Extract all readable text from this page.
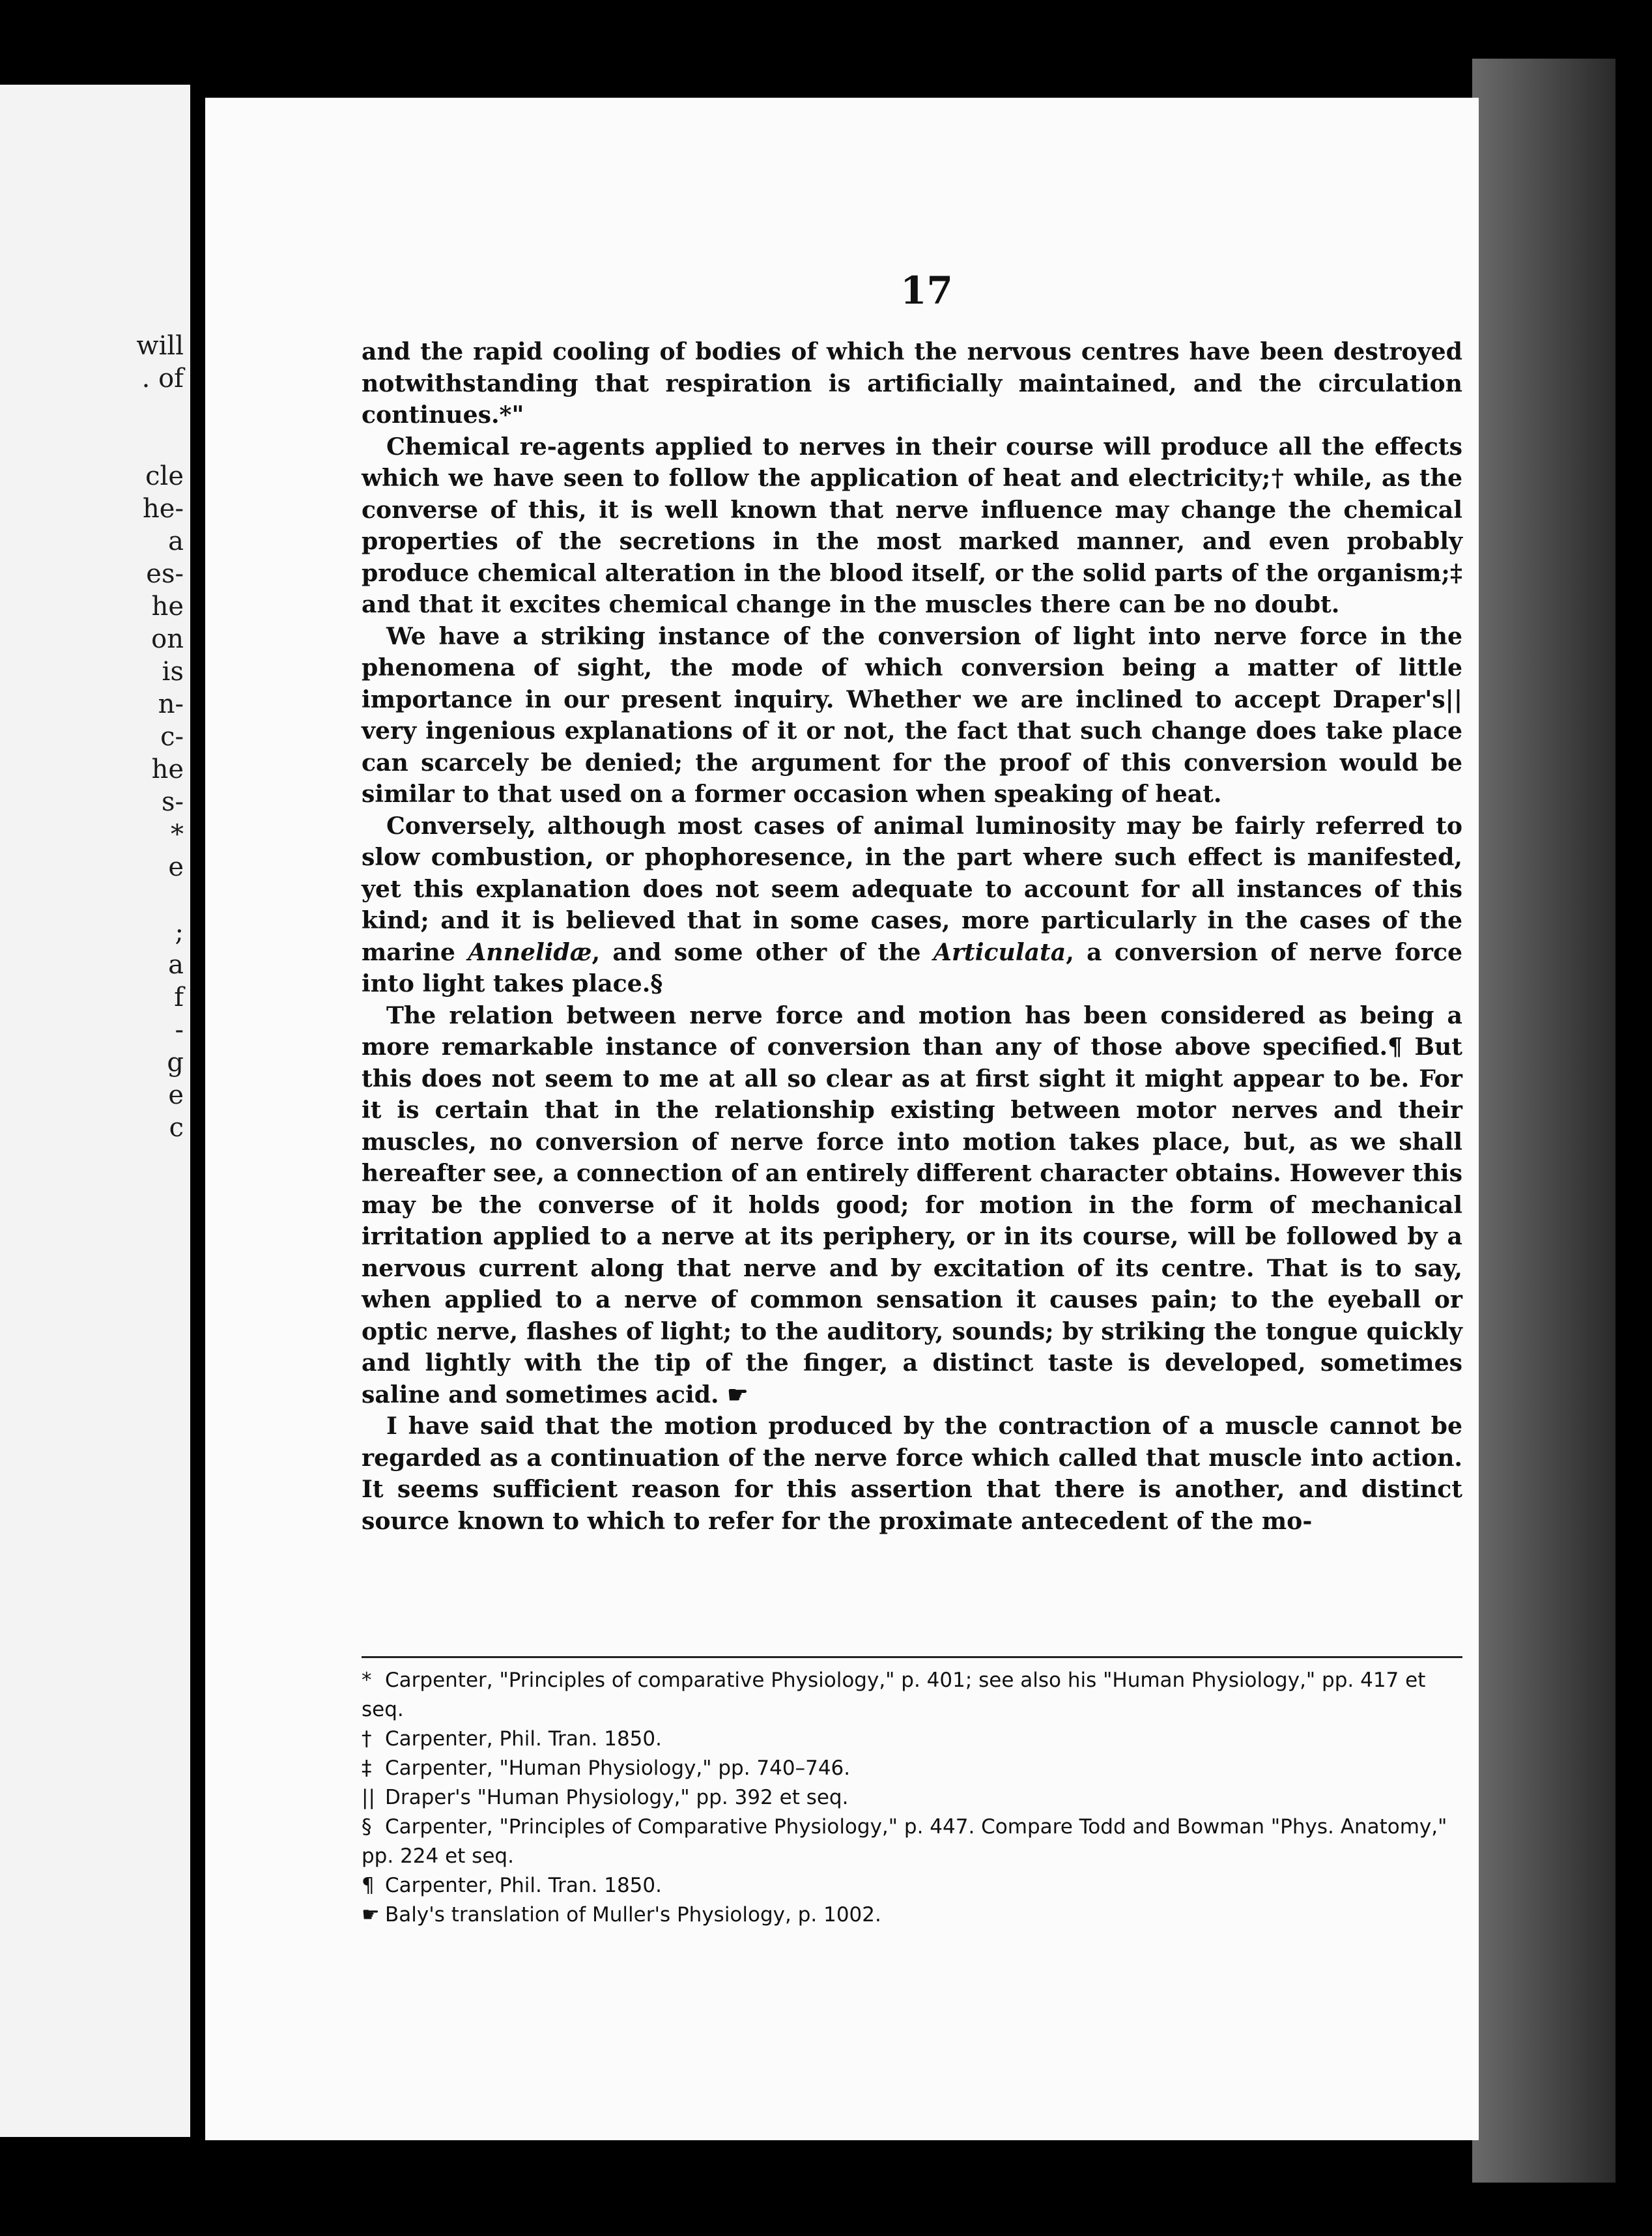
will
. of
cle
he-
a
es-
he
on
is
n-
c-
he
s-
*
e
;
a
f
-
g
e
c
17

and the rapid cooling of bodies of which the nervous centres have been destroyed notwithstanding that respiration is artificially maintained, and the circulation continues.*"

Chemical re-agents applied to nerves in their course will produce all the effects which we have seen to follow the application of heat and electricity;† while, as the converse of this, it is well known that nerve influence may change the chemical properties of the secretions in the most marked manner, and even probably produce chemical alteration in the blood itself, or the solid parts of the organism;‡ and that it excites chemical change in the muscles there can be no doubt.

We have a striking instance of the conversion of light into nerve force in the phenomena of sight, the mode of which conversion being a matter of little importance in our present inquiry. Whether we are inclined to accept Draper's|| very ingenious explanations of it or not, the fact that such change does take place can scarcely be denied; the argument for the proof of this conversion would be similar to that used on a former occasion when speaking of heat.

Conversely, although most cases of animal luminosity may be fairly referred to slow combustion, or phophoresence, in the part where such effect is manifested, yet this explanation does not seem adequate to account for all instances of this kind; and it is believed that in some cases, more particularly in the cases of the marine Annelidæ, and some other of the Articulata, a conversion of nerve force into light takes place.§

The relation between nerve force and motion has been considered as being a more remarkable instance of conversion than any of those above specified.¶ But this does not seem to me at all so clear as at first sight it might appear to be. For it is certain that in the relationship existing between motor nerves and their muscles, no conversion of nerve force into motion takes place, but, as we shall hereafter see, a connection of an entirely different character obtains. However this may be the converse of it holds good; for motion in the form of mechanical irritation applied to a nerve at its periphery, or in its course, will be followed by a nervous current along that nerve and by excitation of its centre. That is to say, when applied to a nerve of common sensation it causes pain; to the eyeball or optic nerve, flashes of light; to the auditory, sounds; by striking the tongue quickly and lightly with the tip of the finger, a distinct taste is developed, sometimes saline and sometimes acid. ☛

I have said that the motion produced by the contraction of a muscle cannot be regarded as a continuation of the nerve force which called that muscle into action. It seems sufficient reason for this assertion that there is another, and distinct source known to which to refer for the proximate antecedent of the mo-

* Carpenter, "Principles of comparative Physiology," p. 401; see also his "Human Physiology," pp. 417 et seq.
† Carpenter, Phil. Tran. 1850.
‡ Carpenter, "Human Physiology," pp. 740–746.
|| Draper's "Human Physiology," pp. 392 et seq.
§ Carpenter, "Principles of Comparative Physiology," p. 447. Compare Todd and Bowman "Phys. Anatomy," pp. 224 et seq.
¶ Carpenter, Phil. Tran. 1850.
☛ Baly's translation of Muller's Physiology, p. 1002.
